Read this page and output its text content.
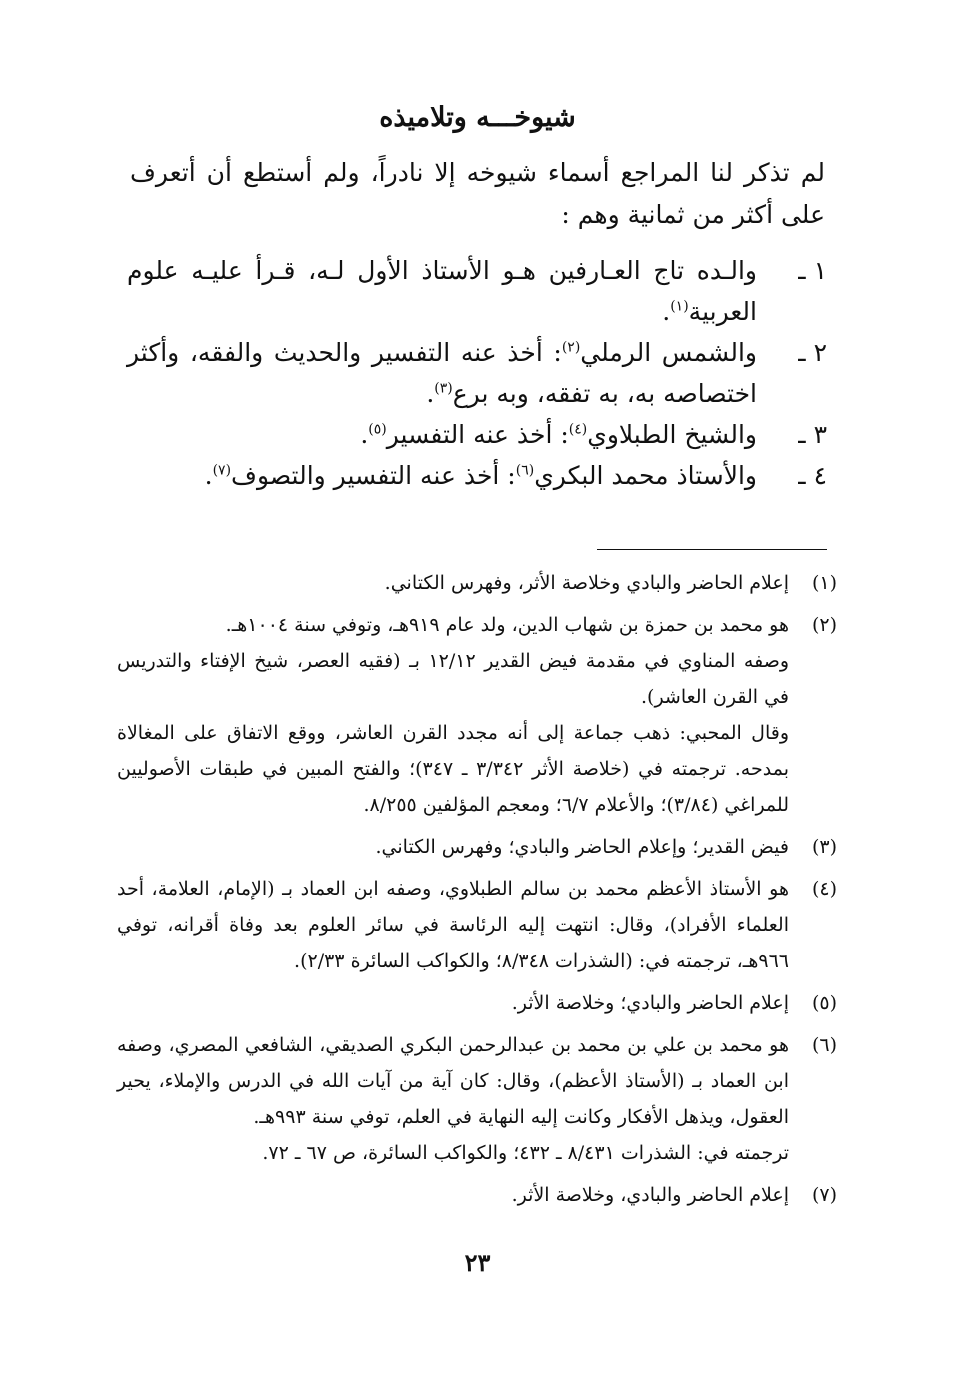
شيوخـــه وتلاميذه
لم تذكر لنا المراجع أسماء شيوخه إلا نادراً، ولم أستطع أن أتعرف على أكثر من ثمانية وهم :
١ ـ
والـده تاج العـارفين هـو الأستاذ الأول لـه، قـرأ عليـه علوم العربية$^{(١)}$.
٢ ـ
والشمس الرملي$^{(٢)}$: أخذ عنه التفسير والحديث والفقه، وأكثر اختصاصه به، به تفقه، وبه برع$^{(٣)}$.
٣ ـ
والشيخ الطبلاوي$^{(٤)}$: أخذ عنه التفسير$^{(٥)}$.
٤ ـ
والأستاذ محمد البكري$^{(٦)}$: أخذ عنه التفسير والتصوف$^{(٧)}$.
(١)

إعلام الحاضر والبادي وخلاصة الأثر، وفهرس الكتاني.

(٢)

هو محمد بن حمزة بن شهاب الدين، ولد عام ٩١٩هـ، وتوفي سنة ١٠٠٤هـ.

وصفه المناوي في مقدمة فيض القدير ١٢/١٢ بـ (فقيه العصر، شيخ الإفتاء والتدريس في القرن العاشر).

وقال المحبي: ذهب جماعة إلى أنه مجدد القرن العاشر، ووقع الاتفاق على المغالاة بمدحه. ترجمته في (خلاصة الأثر ٣/٣٤٢ ـ ٣٤٧)؛ والفتح المبين في طبقات الأصوليين للمراغي (٣/٨٤)؛ والأعلام ٦/٧؛ ومعجم المؤلفين ٨/٢٥٥.

(٣)

فيض القدير؛ وإعلام الحاضر والبادي؛ وفهرس الكتاني.

(٤)

هو الأستاذ الأعظم محمد بن سالم الطبلاوي، وصفه ابن العماد بـ (الإمام، العلامة، أحد العلماء الأفراد)، وقال: انتهت إليه الرئاسة في سائر العلوم بعد وفاة أقرانه، توفي ٩٦٦هـ، ترجمته في: (الشذرات ٨/٣٤٨؛ والكواكب السائرة ٢/٣٣).

(٥)

إعلام الحاضر والبادي؛ وخلاصة الأثر.

(٦)

هو محمد بن علي بن محمد بن عبدالرحمن البكري الصديقي، الشافعي المصري، وصفه ابن العماد بـ (الأستاذ الأعظم)، وقال: كان آية من آيات الله في الدرس والإملاء، يحير العقول، ويذهل الأفكار وكانت إليه النهاية في العلم، توفي سنة ٩٩٣هـ.

ترجمته في: الشذرات ٨/٤٣١ ـ ٤٣٢؛ والكواكب السائرة، ص ٦٧ ـ ٧٢.

(٧)

إعلام الحاضر والبادي، وخلاصة الأثر.

٢٣
